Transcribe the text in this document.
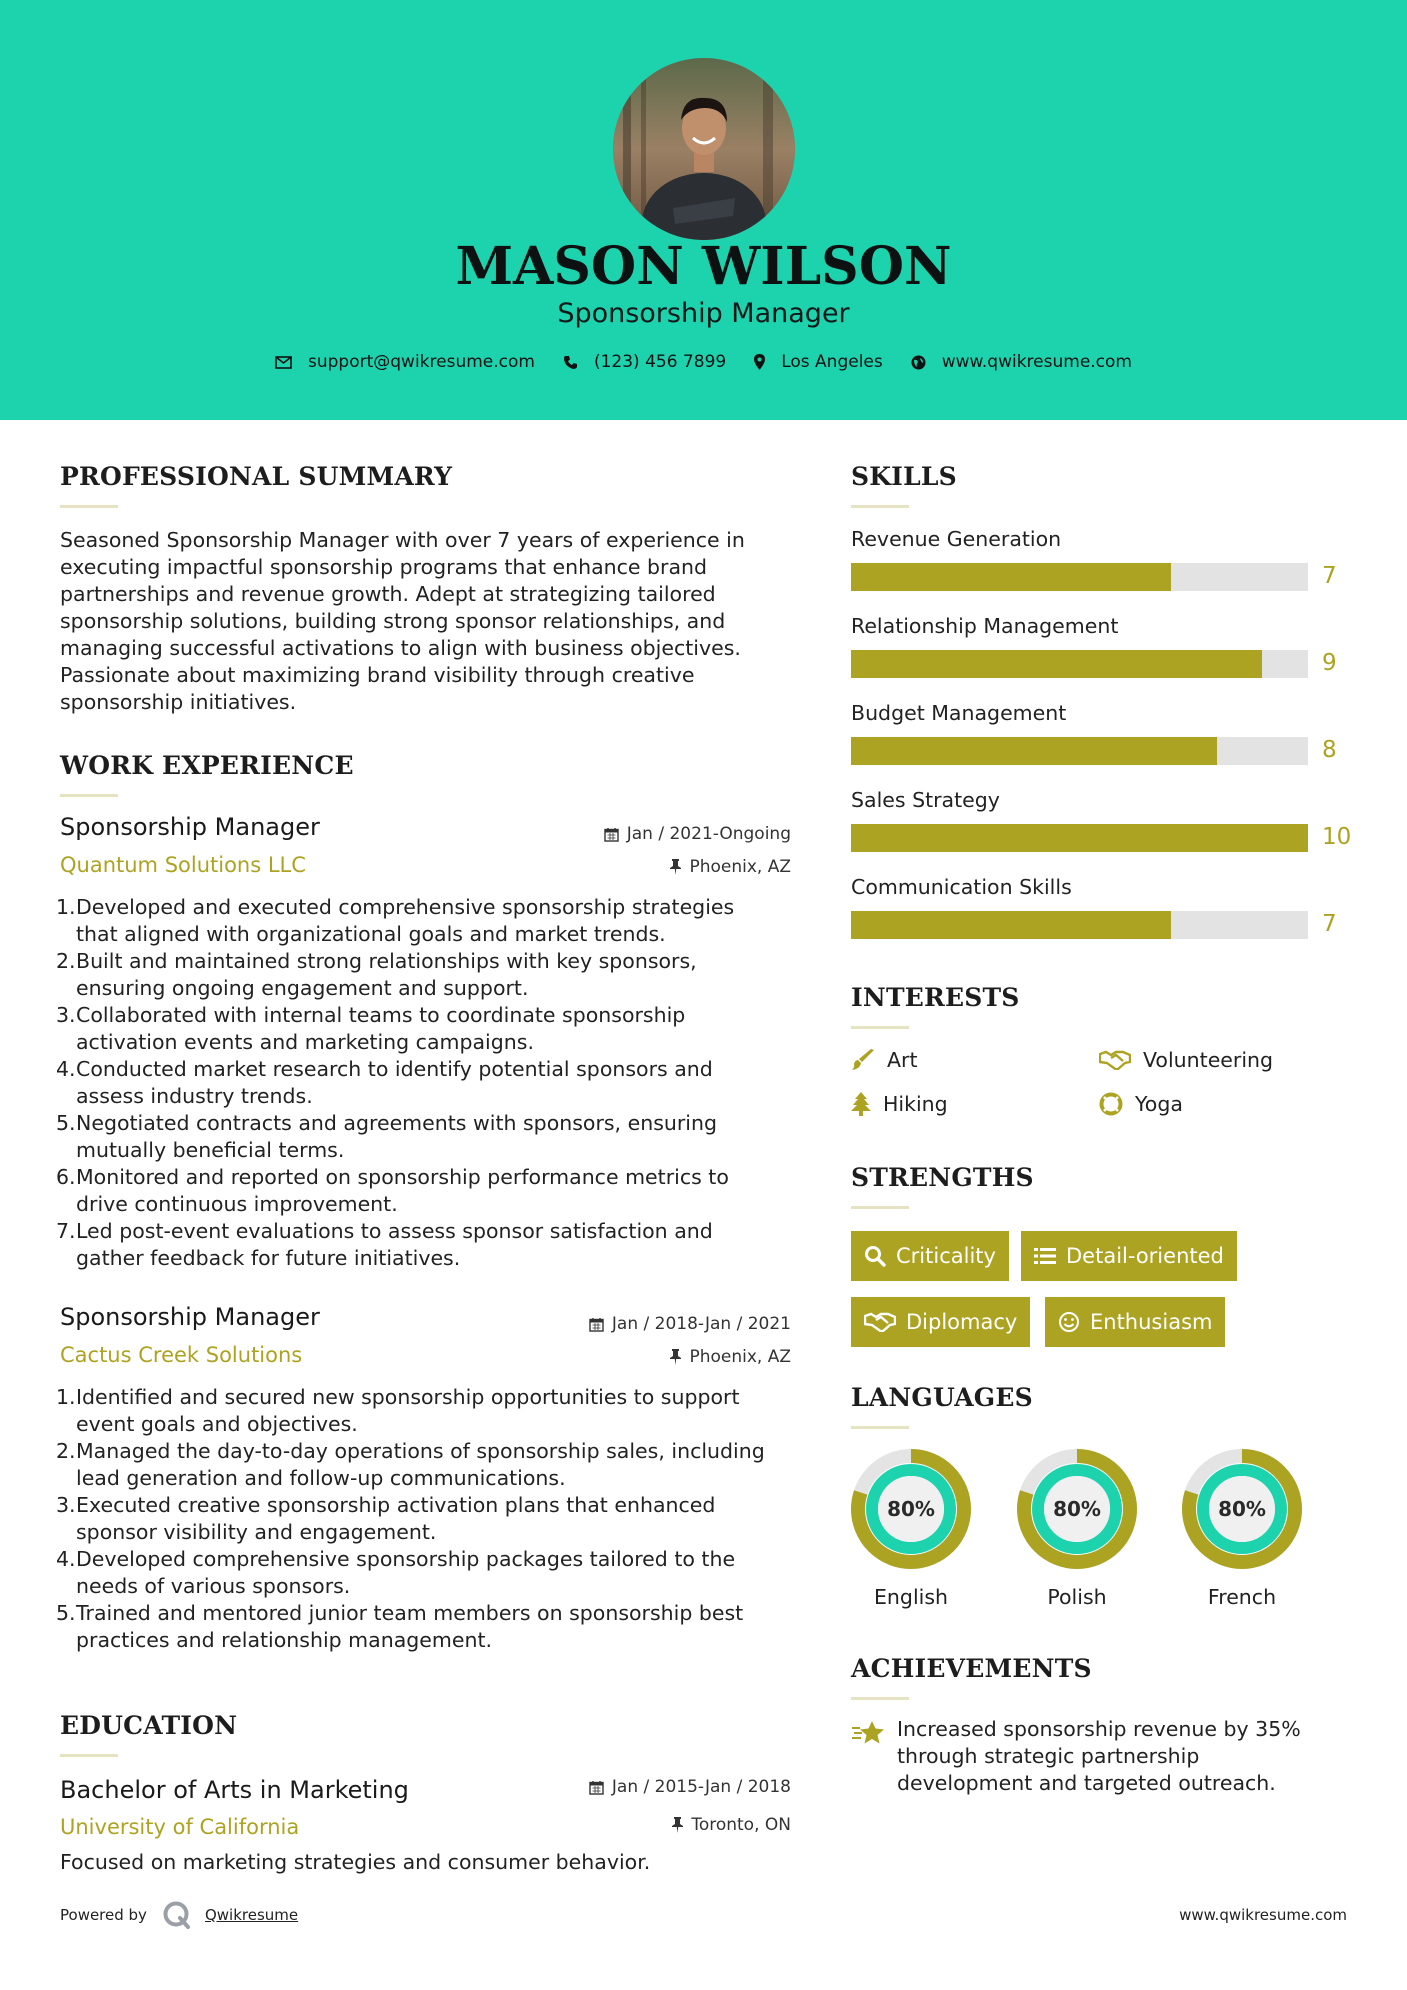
MASON WILSON
Sponsorship Manager
support@qwikresume.com	(123) 456 7899	Los Angeles	www.qwikresume.com
PROFESSIONAL SUMMARY
Seasoned Sponsorship Manager with over 7 years of experience in
executing impactful sponsorship programs that enhance brand
partnerships and revenue growth. Adept at strategizing tailored
sponsorship solutions, building strong sponsor relationships, and
managing successful activations to align with business objectives.
Passionate about maximizing brand visibility through creative
sponsorship initiatives.
WORK EXPERIENCE
Sponsorship Manager
Quantum Solutions LLC
Jan / 2021-Ongoing
Phoenix, AZ
1. Developed and executed comprehensive sponsorship strategies
that aligned with organizational goals and market trends.
2. Built and maintained strong relationships with key sponsors,
ensuring ongoing engagement and support.
3. Collaborated with internal teams to coordinate sponsorship
activation events and marketing campaigns.
4. Conducted market research to identify potential sponsors and
assess industry trends.
5. Negotiated contracts and agreements with sponsors, ensuring
mutually beneficial terms.
6. Monitored and reported on sponsorship performance metrics to
drive continuous improvement.
7. Led post-event evaluations to assess sponsor satisfaction and
gather feedback for future initiatives.
Sponsorship Manager
Cactus Creek Solutions
Jan / 2018-Jan / 2021
Phoenix, AZ
1. Identified and secured new sponsorship opportunities to support
event goals and objectives.
2. Managed the day-to-day operations of sponsorship sales, including
lead generation and follow-up communications.
3. Executed creative sponsorship activation plans that enhanced
sponsor visibility and engagement.
4. Developed comprehensive sponsorship packages tailored to the
needs of various sponsors.
5. Trained and mentored junior team members on sponsorship best
practices and relationship management.
EDUCATION
Bachelor of Arts in Marketing
University of California
Jan / 2015-Jan / 2018
Toronto, ON
Focused on marketing strategies and consumer behavior.
SKILLS
Revenue Generation
7
Relationship Management
9
Budget Management
8
Sales Strategy
10
Communication Skills
7
INTERESTS
Art	Volunteering
Hiking	Yoga
STRENGTHS
Criticality	Detail-oriented
Diplomacy	Enthusiasm
LANGUAGES
80%
English
80%
Polish
80%
French
ACHIEVEMENTS
Increased sponsorship revenue by 35%
through strategic partnership
development and targeted outreach.
Powered by	Qwikresume	www.qwikresume.com
